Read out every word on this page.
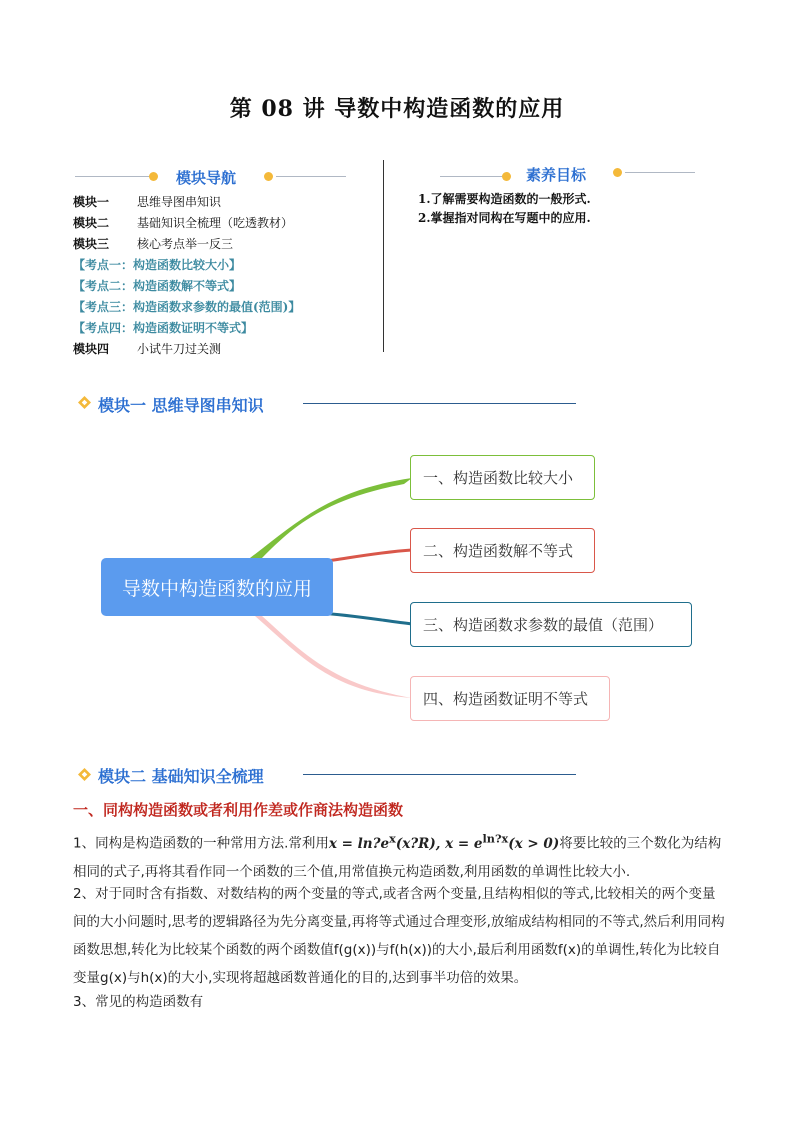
第 08 讲 导数中构造函数的应用
模块导航
模块一 思维导图串知识
模块二 基础知识全梳理（吃透教材）
模块三 核心考点举一反三
【考点一：构造函数比较大小】
【考点二：构造函数解不等式】
【考点三：构造函数求参数的最值(范围)】
【考点四：构造函数证明不等式】
模块四 小试牛刀过关测
素养目标
1.了解需要构造函数的一般形式.
2.掌握指对同构在写题中的应用.
模块一 思维导图串知识
导数中构造函数的应用
一、构造函数比较大小
二、构造函数解不等式
三、构造函数求参数的最值（范围）
四、构造函数证明不等式
模块二 基础知识全梳理
一、同构构造函数或者利用作差或作商法构造函数
1、同构是构造函数的一种常用方法.常利用$x = \ln?e^x(x?R)$, $x = e^{ln?x}(x > 0)$将要比较的三个数化为结构相同的式子,再将其看作同一个函数的三个值,用常值换元构造函数,利用函数的单调性比较大小.
2、对于同时含有指数、对数结构的两个变量的等式,或者含两个变量,且结构相似的等式,比较相关的两个变量间的大小问题时,思考的逻辑路径为先分离变量,再将等式通过合理变形,放缩成结构相同的不等式,然后利用同构函数思想,转化为比较某个函数的两个函数值f(g(x))与f(h(x))的大小,最后利用函数f(x)的单调性,转化为比较自变量g(x)与h(x)的大小,实现将超越函数普通化的目的,达到事半功倍的效果。
3、常见的构造函数有
